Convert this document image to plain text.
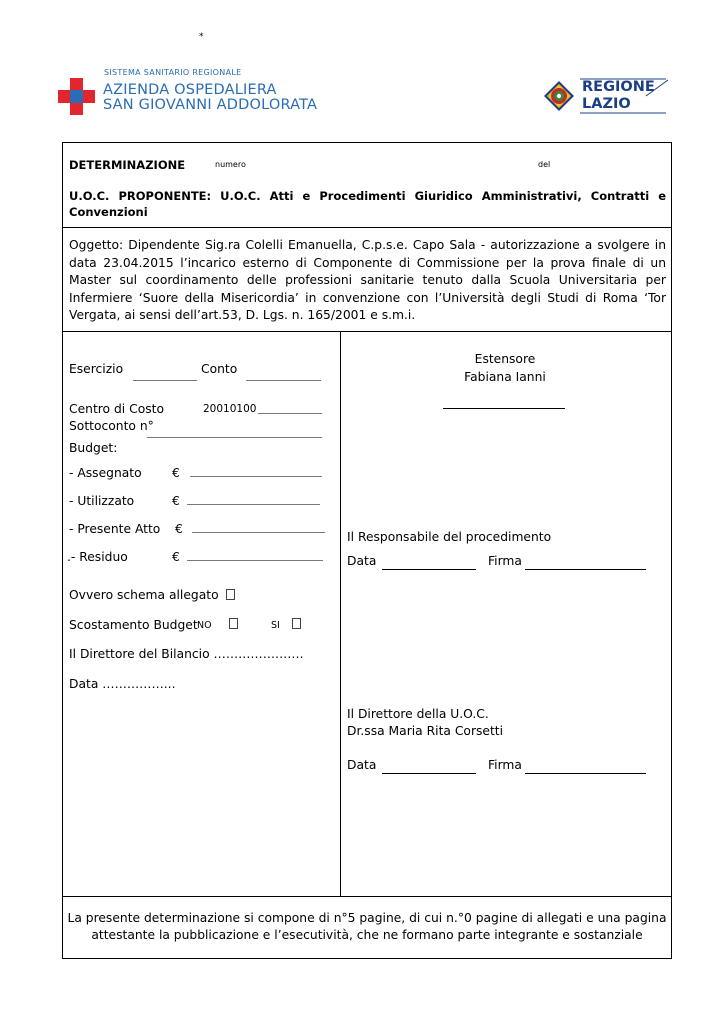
*
SISTEMA SANITARIO REGIONALE
AZIENDA OSPEDALIERA
SAN GIOVANNI ADDOLORATA
REGIONE
LAZIO
DETERMINAZIONE	numero	del
U.O.C. PROPONENTE: U.O.C. Atti e Procedimenti Giuridico Amministrativi, Contratti e Convenzioni
Oggetto: Dipendente Sig.ra Colelli Emanuella, C.p.s.e. Capo Sala - autorizzazione a svolgere in data 23.04.2015 l’incarico esterno di Componente di Commissione per la prova finale di un Master sul coordinamento delle professioni sanitarie tenuto dalla Scuola Universitaria per Infermiere ‘Suore della Misericordia’ in convenzione con l’Università degli Studi di Roma ‘Tor Vergata, ai sensi dell’art.53, D. Lgs. n. 165/2001 e s.m.i.
Esercizio	Conto
Centro di Costo	20010100
Sottoconto n°
Budget:
- Assegnato €
- Utilizzato	€
- Presente Atto €
.- Residuo	€
Ovvero schema allegato
Scostamento Budget NO	SI
Il Direttore del Bilancio ………………….
Data ……………...
Estensore
Fabiana Ianni
Il Responsabile del procedimento
Data	Firma
Il Direttore della U.O.C.
Dr.ssa Maria Rita Corsetti
Data	Firma
La presente determinazione si compone di n°5 pagine, di cui n.°0 pagine di allegati e una pagina attestante la pubblicazione e l’esecutività, che ne formano parte integrante e sostanziale
